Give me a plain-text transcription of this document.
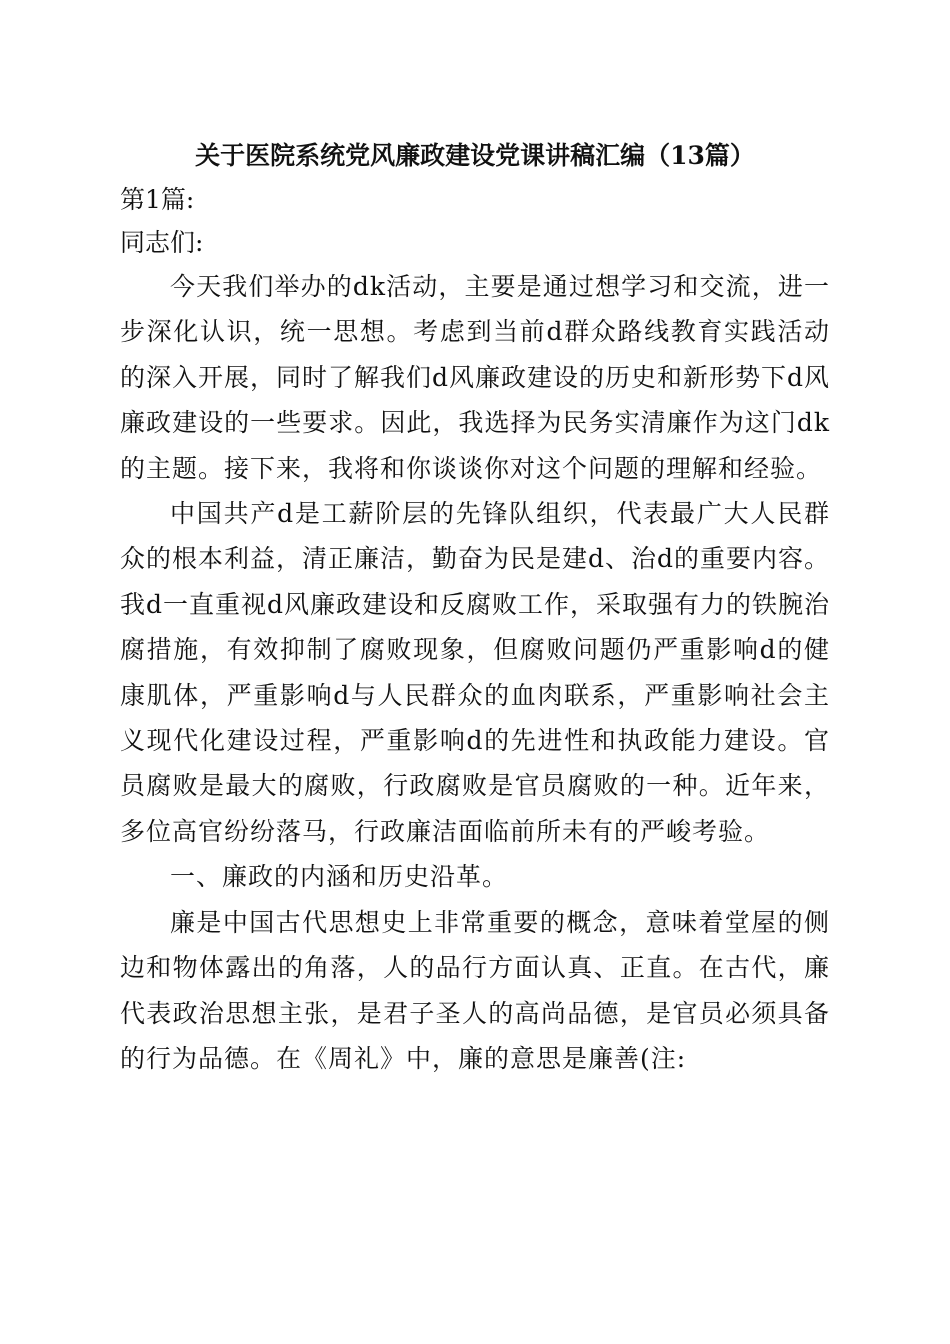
关于医院系统党风廉政建设党课讲稿汇编（13篇）

第1篇:

同志们:

今天我们举办的dk活动，主要是通过想学习和交流，进一步深化认识，统一思想。考虑到当前d群众路线教育实践活动的深入开展，同时了解我们d风廉政建设的历史和新形势下d风廉政建设的一些要求。因此，我选择为民务实清廉作为这门dk的主题。接下来，我将和你谈谈你对这个问题的理解和经验。

中国共产d是工薪阶层的先锋队组织，代表最广大人民群众的根本利益，清正廉洁，勤奋为民是建d、治d的重要内容。我d一直重视d风廉政建设和反腐败工作，采取强有力的铁腕治腐措施，有效抑制了腐败现象，但腐败问题仍严重影响d的健康肌体，严重影响d与人民群众的血肉联系，严重影响社会主义现代化建设过程，严重影响d的先进性和执政能力建设。官员腐败是最大的腐败，行政腐败是官员腐败的一种。近年来，多位高官纷纷落马，行政廉洁面临前所未有的严峻考验。

一、廉政的内涵和历史沿革。

廉是中国古代思想史上非常重要的概念，意味着堂屋的侧边和物体露出的角落，人的品行方面认真、正直。在古代，廉代表政治思想主张，是君子圣人的高尚品德，是官员必须具备的行为品德。在《周礼》中，廉的意思是廉善(注:
